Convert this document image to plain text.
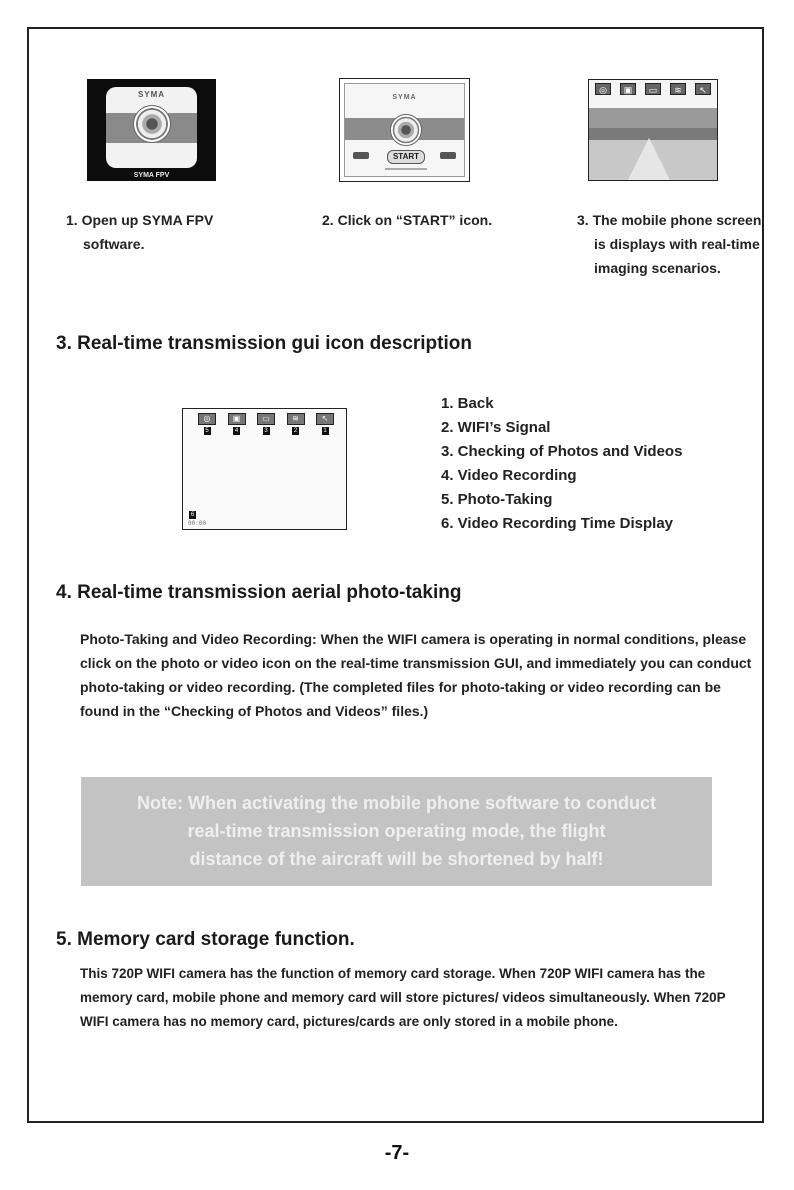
SYMA
SYMA FPV
SYMA
START
◎	▣	▭	≋	↖
1. Open up SYMA FPV software.
2. Click on “START” icon.	3. The mobile phone screen is displays with real-time imaging scenarios.
3. Real-time transmission gui icon description
◎
5
▣
4
▭
3
≋
2
↖
1
6
00:00
1. Back
2. WIFI’s Signal
3. Checking of Photos and Videos
4. Video Recording
5. Photo-Taking
6. Video Recording Time Display
4. Real-time transmission aerial photo-taking
Photo-Taking and Video Recording: When the WIFI camera is operating in normal conditions, please click on the photo or video icon on the real-time transmission GUI, and immediately you can conduct photo-taking or video recording. (The completed files for photo-taking or video recording can be found in the “Checking of Photos and Videos” files.)
Note: When activating the mobile phone software to conduct
real-time transmission operating mode, the flight
distance of the aircraft will be shortened by half!
5. Memory card storage function.
This 720P WIFI camera has the function of memory card storage. When 720P WIFI camera has the memory card, mobile phone and memory card will store pictures/ videos simultaneously. When 720P WIFI camera has no memory card, pictures/cards are only stored in a mobile phone.
-7-
